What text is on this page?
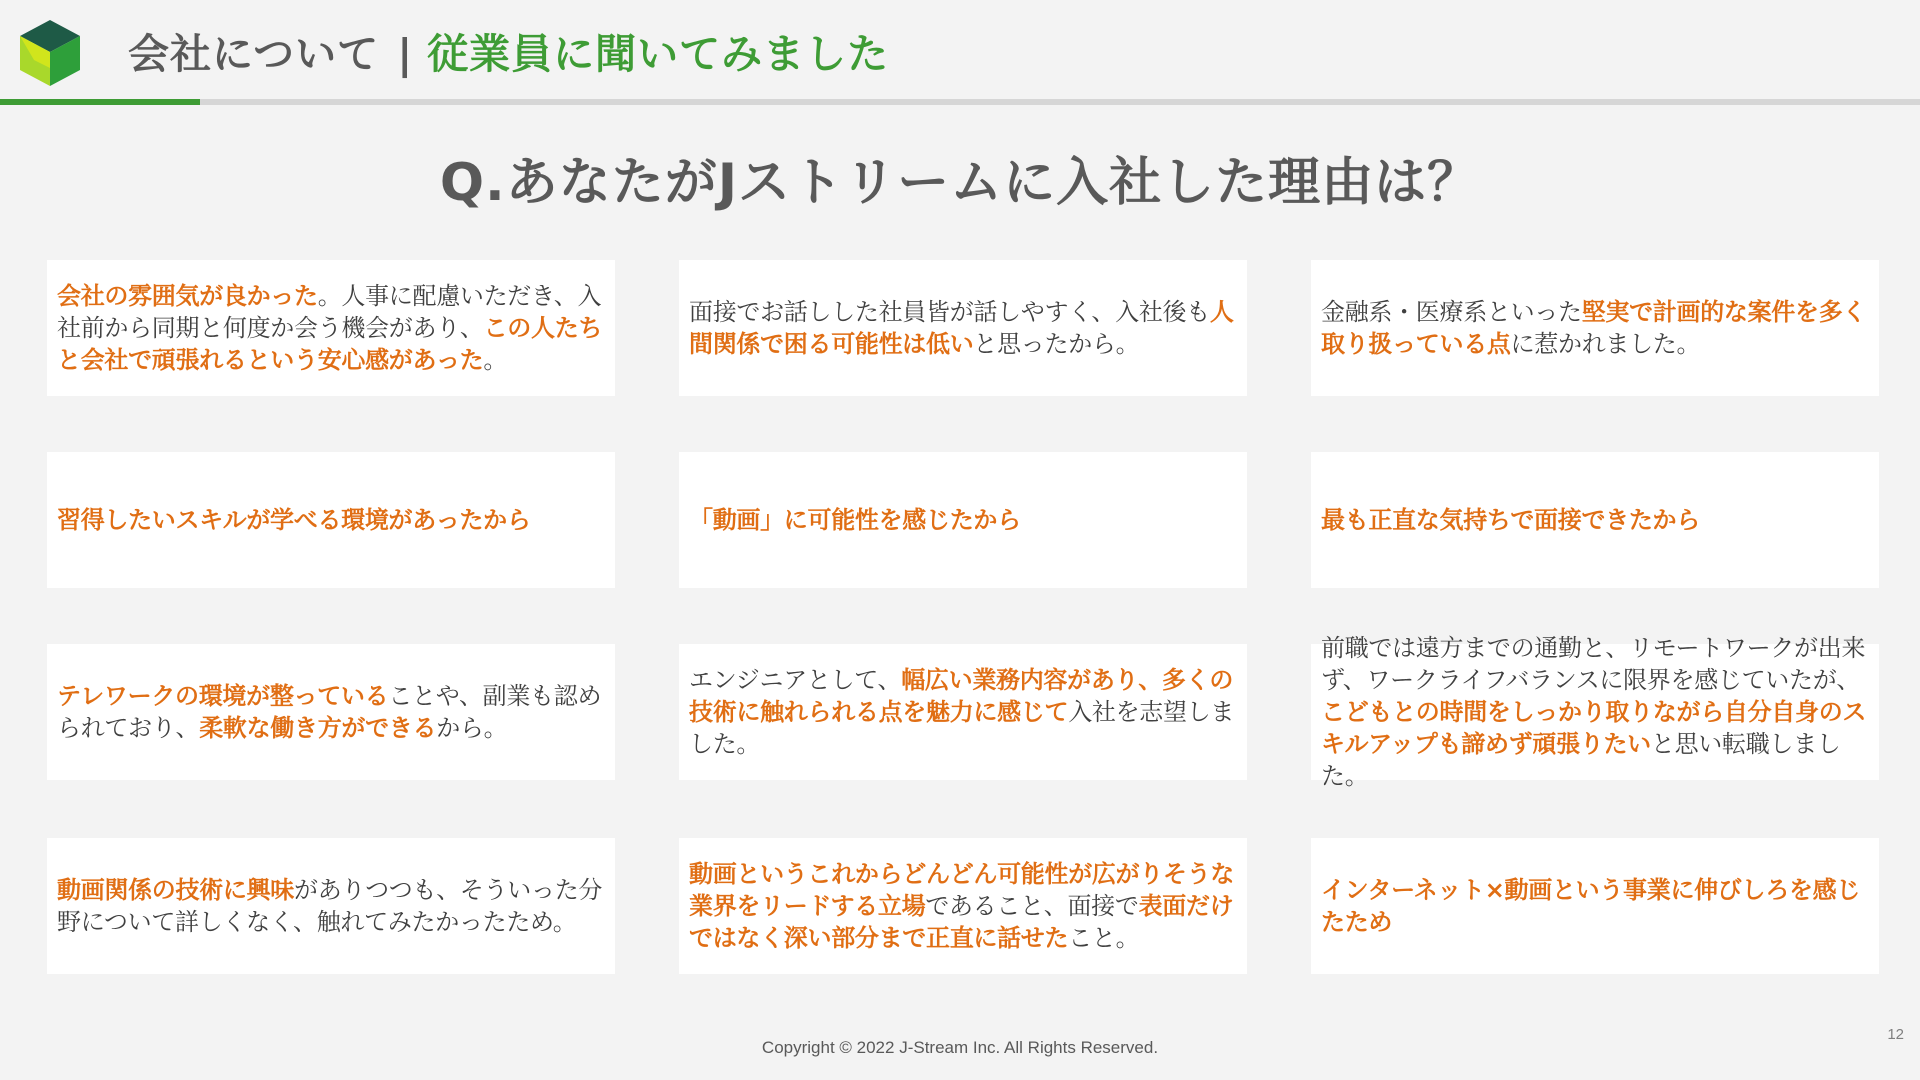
会社について | 従業員に聞いてみました
Q.あなたがJストリームに入社した理由は？
会社の雰囲気が良かった。人事に配慮いただき、入社前から同期と何度か会う機会があり、この人たちと会社で頑張れるという安心感があった。
面接でお話しした社員皆が話しやすく、入社後も人間関係で困る可能性は低いと思ったから。
金融系・医療系といった堅実で計画的な案件を多く取り扱っている点に惹かれました。
習得したいスキルが学べる環境があったから	「動画」に可能性を感じたから	最も正直な気持ちで面接できたから
テレワークの環境が整っていることや、副業も認められており、柔軟な働き方ができるから。
エンジニアとして、幅広い業務内容があり、多くの技術に触れられる点を魅力に感じて入社を志望しました。
前職では遠方までの通勤と、リモートワークが出来ず、ワークライフバランスに限界を感じていたが、こどもとの時間をしっかり取りながら自分自身のスキルアップも諦めず頑張りたいと思い転職しました。
動画関係の技術に興味がありつつも、そういった分野について詳しくなく、触れてみたかったため。
動画というこれからどんどん可能性が広がりそうな業界をリードする立場であること、面接で表面だけではなく深い部分まで正直に話せたこと。
インターネット×動画という事業に伸びしろを感じたため
Copyright © 2022 J-Stream Inc. All Rights Reserved.
12
